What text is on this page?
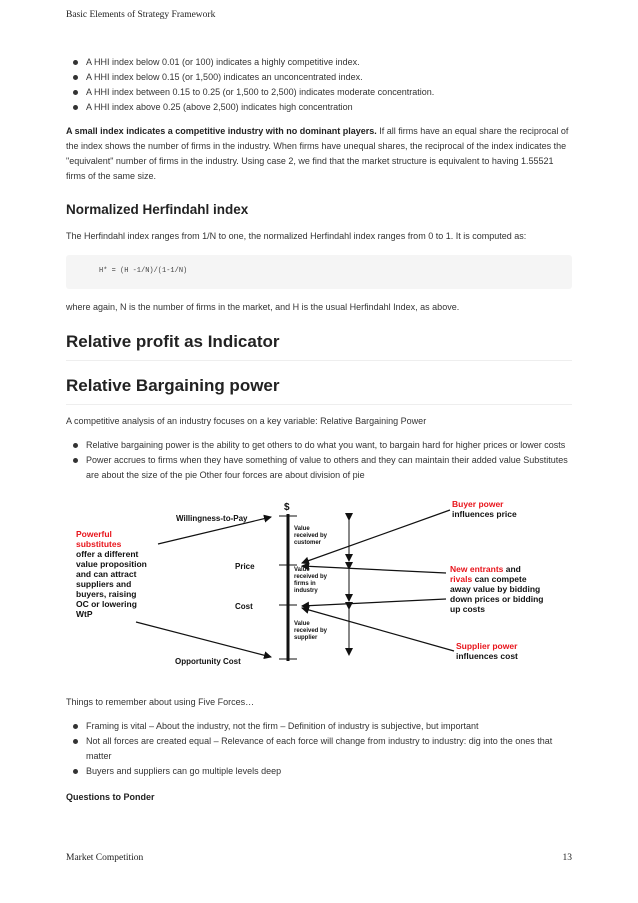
Basic Elements of Strategy Framework
A HHI index below 0.01 (or 100) indicates a highly competitive index.
A HHI index below 0.15 (or 1,500) indicates an unconcentrated index.
A HHI index between 0.15 to 0.25 (or 1,500 to 2,500) indicates moderate concentration.
A HHI index above 0.25 (above 2,500) indicates high concentration

A small index indicates a competitive industry with no dominant players. If all firms have an equal share the reciprocal of the index shows the number of firms in the industry. When firms have unequal shares, the reciprocal of the index indicates the "equivalent" number of firms in the industry. Using case 2, we find that the market structure is equivalent to having 1.55521 firms of the same size.

Normalized Herfindahl index

The Herfindahl index ranges from 1/N to one, the normalized Herfindahl index ranges from 0 to 1. It is computed as:

H* = (H -1/N)/(1-1/N)

where again, N is the number of firms in the market, and H is the usual Herfindahl Index, as above.

Relative profit as Indicator
Relative Bargaining power

A competitive analysis of an industry focuses on a key variable: Relative Bargaining Power

Relative bargaining power is the ability to get others to do what you want, to bargain hard for higher prices or lower costs
Power accrues to firms when they have something of value to others and they can maintain their added value Substitutes are about the size of the pie Other four forces are about division of pie
$
Willingness-to-Pay
Price
Cost
Opportunity Cost
Value
received by
customer
Value
received by
firms in
industry
Value
received by
supplier
Powerful
substitutes
offer a different
value proposition
and can attract
suppliers and
buyers, raising
OC or lowering
WtP
Buyer power
influences price
New entrants and
rivals can compete
away value by bidding
down prices or bidding
up costs
Supplier power
influences cost

Things to remember about using Five Forces…

Framing is vital – About the industry, not the firm – Definition of industry is subjective, but important
Not all forces are created equal – Relevance of each force will change from industry to industry: dig into the ones that matter
Buyers and suppliers can go multiple levels deep

Questions to Ponder

Market Competition	13
